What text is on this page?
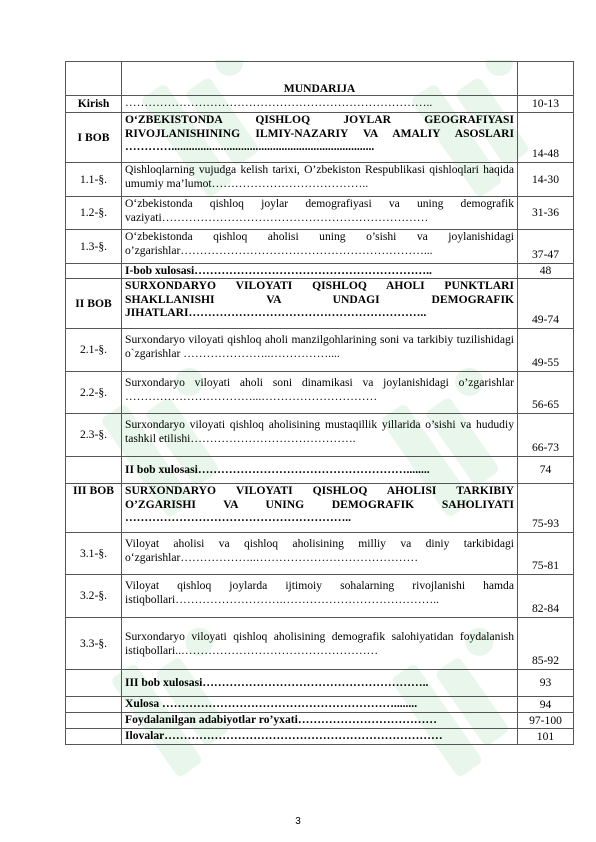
	MUNDARIJA	
Kirish	……………………………………………………………………..	10-13
I BOB	O‘ZBEKISTONDA QISHLOQ JOYLAR GEOGRAFIYASI RIVOJLANISHINING ILMIY-NAZARIY VA AMALIY ASOSLARI …………......................................................................	14-48
1.1-§.	Qishloqlarning vujudga kelish tarixi, O’zbekiston Respublikasi qishloqlari haqida umumiy ma’lumot…………………………………..	14-30
1.2-§.	O‘zbekistonda qishloq joylar demografiyasi va uning demografik vaziyati……………………………………………………………	31-36
1.3-§.	O‘zbekistonda qishloq aholisi uning o’sishi va joylanishidagi o’zgarishlar………………………………………………………...	37-47
	I-bob xulosasi……………………………………………………..	48
II BOB	SURXONDARYO VILOYATI QISHLOQ AHOLI PUNKTLARI SHAKLLANISHI VA UNDAGI DEMOGRAFIK JIHATLARI……………………………………………………..	49-74
2.1-§.	Surxondaryo viloyati qishloq aholi manzilgohlarining soni va tarkibiy tuzilishidagi o`zgarishlar …………………..……………....	49-55
2.2-§.	Surxondaryo viloyati aholi soni dinamikasi va joylanishidagi o’zgarishlar ……………………………...…………………………	56-65
2.3-§.	Surxondaryo viloyati qishloq aholisining mustaqillik yillarida o’sishi va hududiy tashkil etilishi…………………………………….	66-73
	II bob xulosasi………………………………………………........	74
III BOB	SURXONDARYO VILOYATI QISHLOQ AHOLISI TARKIBIY O’ZGARISHI VA UNING DEMOGRAFIK SAHOLIYATI …………………………………………………..	75-93
3.1-§.	Viloyat aholisi va qishloq aholisining milliy va diniy tarkibidagi o‘zgarishlar………………..……………………………………	75-81
3.2-§.	Viloyat qishloq joylarda ijtimoiy sohalarning rivojlanishi hamda istiqbollari……………………….…………………………………..	82-84
3.3-§.	Surxondaryo viloyati qishloq aholisining demografik salohiyatidan foydalanish istiqbollari..……………………………………………	85-92
	III bob xulosasi…………………………………………………..	93
	Xulosa ……………………………………………………........	94
	Foydalanilgan adabiyotlar ro’yxati………………………………	97-100
	Ilovalar………………………………………………………………	101
3
